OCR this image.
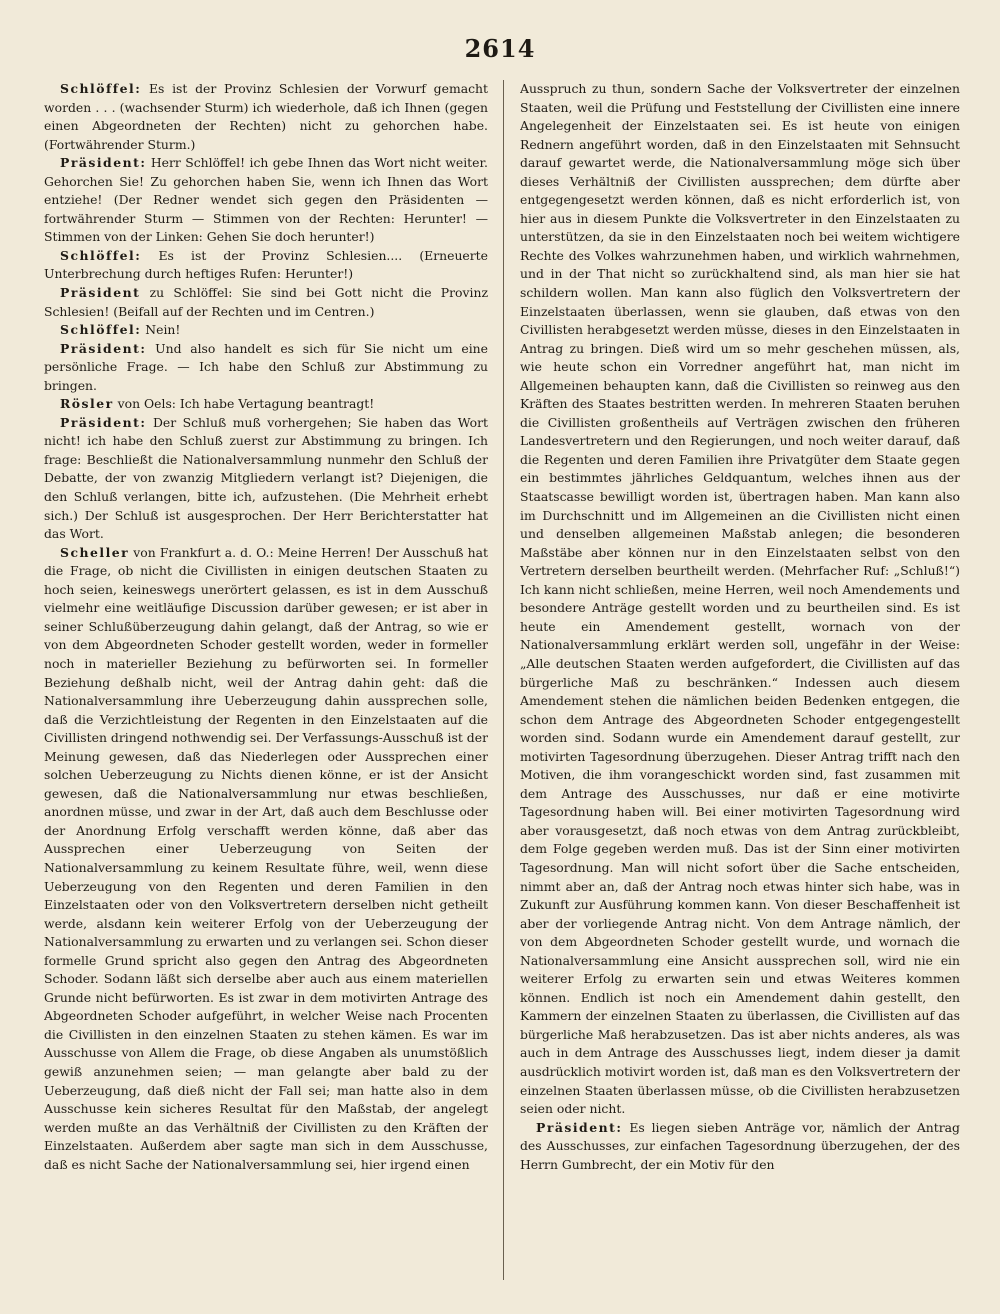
2614

Schlöffel: Es ist der Provinz Schlesien der Vorwurf gemacht worden . . . (wachsender Sturm) ich wiederhole, daß ich Ihnen (gegen einen Abgeordneten der Rechten) nicht zu gehorchen habe. (Fortwährender Sturm.)

Präsident: Herr Schlöffel! ich gebe Ihnen das Wort nicht weiter. Gehorchen Sie! Zu gehorchen haben Sie, wenn ich Ihnen das Wort entziehe! (Der Redner wendet sich gegen den Präsidenten — fortwährender Sturm — Stimmen von der Rechten: Herunter! — Stimmen von der Linken: Gehen Sie doch herunter!)

Schlöffel: Es ist der Provinz Schlesien.... (Erneuerte Unterbrechung durch heftiges Rufen: Herunter!)

Präsident zu Schlöffel: Sie sind bei Gott nicht die Provinz Schlesien! (Beifall auf der Rechten und im Centren.)

Schlöffel: Nein!

Präsident: Und also handelt es sich für Sie nicht um eine persönliche Frage. — Ich habe den Schluß zur Abstimmung zu bringen.

Rösler von Oels: Ich habe Vertagung beantragt!

Präsident: Der Schluß muß vorhergehen; Sie haben das Wort nicht! ich habe den Schluß zuerst zur Abstimmung zu bringen. Ich frage: Beschließt die Nationalversammlung nunmehr den Schluß der Debatte, der von zwanzig Mitgliedern verlangt ist? Diejenigen, die den Schluß verlangen, bitte ich, aufzustehen. (Die Mehrheit erhebt sich.) Der Schluß ist ausgesprochen. Der Herr Berichterstatter hat das Wort.

Scheller von Frankfurt a. d. O.: Meine Herren! Der Ausschuß hat die Frage, ob nicht die Civillisten in einigen deutschen Staaten zu hoch seien, keineswegs unerörtert gelassen, es ist in dem Ausschuß vielmehr eine weitläufige Discussion darüber gewesen; er ist aber in seiner Schlußüberzeugung dahin gelangt, daß der Antrag, so wie er von dem Abgeordneten Schoder gestellt worden, weder in formeller noch in materieller Beziehung zu befürworten sei. In formeller Beziehung deßhalb nicht, weil der Antrag dahin geht: daß die Nationalversammlung ihre Ueberzeugung dahin aussprechen solle, daß die Verzichtleistung der Regenten in den Einzelstaaten auf die Civillisten dringend nothwendig sei. Der Verfassungs-Ausschuß ist der Meinung gewesen, daß das Niederlegen oder Aussprechen einer solchen Ueberzeugung zu Nichts dienen könne, er ist der Ansicht gewesen, daß die Nationalversammlung nur etwas beschließen, anordnen müsse, und zwar in der Art, daß auch dem Beschlusse oder der Anordnung Erfolg verschafft werden könne, daß aber das Aussprechen einer Ueberzeugung von Seiten der Nationalversammlung zu keinem Resultate führe, weil, wenn diese Ueberzeugung von den Regenten und deren Familien in den Einzelstaaten oder von den Volksvertretern derselben nicht getheilt werde, alsdann kein weiterer Erfolg von der Ueberzeugung der Nationalversammlung zu erwarten und zu verlangen sei. Schon dieser formelle Grund spricht also gegen den Antrag des Abgeordneten Schoder. Sodann läßt sich derselbe aber auch aus einem materiellen Grunde nicht befürworten. Es ist zwar in dem motivirten Antrage des Abgeordneten Schoder aufgeführt, in welcher Weise nach Procenten die Civillisten in den einzelnen Staaten zu stehen kämen. Es war im Ausschusse von Allem die Frage, ob diese Angaben als unumstößlich gewiß anzunehmen seien; — man gelangte aber bald zu der Ueberzeugung, daß dieß nicht der Fall sei; man hatte also in dem Ausschusse kein sicheres Resultat für den Maßstab, der angelegt werden mußte an das Verhältniß der Civillisten zu den Kräften der Einzelstaaten. Außerdem aber sagte man sich in dem Ausschusse, daß es nicht Sache der Nationalversammlung sei, hier irgend einen

Ausspruch zu thun, sondern Sache der Volksvertreter der einzelnen Staaten, weil die Prüfung und Feststellung der Civillisten eine innere Angelegenheit der Einzelstaaten sei. Es ist heute von einigen Rednern angeführt worden, daß in den Einzelstaaten mit Sehnsucht darauf gewartet werde, die Nationalversammlung möge sich über dieses Verhältniß der Civillisten aussprechen; dem dürfte aber entgegengesetzt werden können, daß es nicht erforderlich ist, von hier aus in diesem Punkte die Volksvertreter in den Einzelstaaten zu unterstützen, da sie in den Einzelstaaten noch bei weitem wichtigere Rechte des Volkes wahrzunehmen haben, und wirklich wahrnehmen, und in der That nicht so zurückhaltend sind, als man hier sie hat schildern wollen. Man kann also füglich den Volksvertretern der Einzelstaaten überlassen, wenn sie glauben, daß etwas von den Civillisten herabgesetzt werden müsse, dieses in den Einzelstaaten in Antrag zu bringen. Dieß wird um so mehr geschehen müssen, als, wie heute schon ein Vorredner angeführt hat, man nicht im Allgemeinen behaupten kann, daß die Civillisten so reinweg aus den Kräften des Staates bestritten werden. In mehreren Staaten beruhen die Civillisten großentheils auf Verträgen zwischen den früheren Landesvertretern und den Regierungen, und noch weiter darauf, daß die Regenten und deren Familien ihre Privatgüter dem Staate gegen ein bestimmtes jährliches Geldquantum, welches ihnen aus der Staatscasse bewilligt worden ist, übertragen haben. Man kann also im Durchschnitt und im Allgemeinen an die Civillisten nicht einen und denselben allgemeinen Maßstab anlegen; die besonderen Maßstäbe aber können nur in den Einzelstaaten selbst von den Vertretern derselben beurtheilt werden. (Mehrfacher Ruf: „Schluß!“) Ich kann nicht schließen, meine Herren, weil noch Amendements und besondere Anträge gestellt worden und zu beurtheilen sind. Es ist heute ein Amendement gestellt, wornach von der Nationalversammlung erklärt werden soll, ungefähr in der Weise: „Alle deutschen Staaten werden aufgefordert, die Civillisten auf das bürgerliche Maß zu beschränken.“ Indessen auch diesem Amendement stehen die nämlichen beiden Bedenken entgegen, die schon dem Antrage des Abgeordneten Schoder entgegengestellt worden sind. Sodann wurde ein Amendement darauf gestellt, zur motivirten Tagesordnung überzugehen. Dieser Antrag trifft nach den Motiven, die ihm vorangeschickt worden sind, fast zusammen mit dem Antrage des Ausschusses, nur daß er eine motivirte Tagesordnung haben will. Bei einer motivirten Tagesordnung wird aber vorausgesetzt, daß noch etwas von dem Antrag zurückbleibt, dem Folge gegeben werden muß. Das ist der Sinn einer motivirten Tagesordnung. Man will nicht sofort über die Sache entscheiden, nimmt aber an, daß der Antrag noch etwas hinter sich habe, was in Zukunft zur Ausführung kommen kann. Von dieser Beschaffenheit ist aber der vorliegende Antrag nicht. Von dem Antrage nämlich, der von dem Abgeordneten Schoder gestellt wurde, und wornach die Nationalversammlung eine Ansicht aussprechen soll, wird nie ein weiterer Erfolg zu erwarten sein und etwas Weiteres kommen können. Endlich ist noch ein Amendement dahin gestellt, den Kammern der einzelnen Staaten zu überlassen, die Civillisten auf das bürgerliche Maß herabzusetzen. Das ist aber nichts anderes, als was auch in dem Antrage des Ausschusses liegt, indem dieser ja damit ausdrücklich motivirt worden ist, daß man es den Volksvertretern der einzelnen Staaten überlassen müsse, ob die Civillisten herabzusetzen seien oder nicht.

Präsident: Es liegen sieben Anträge vor, nämlich der Antrag des Ausschusses, zur einfachen Tagesordnung überzugehen, der des Herrn Gumbrecht, der ein Motiv für den
